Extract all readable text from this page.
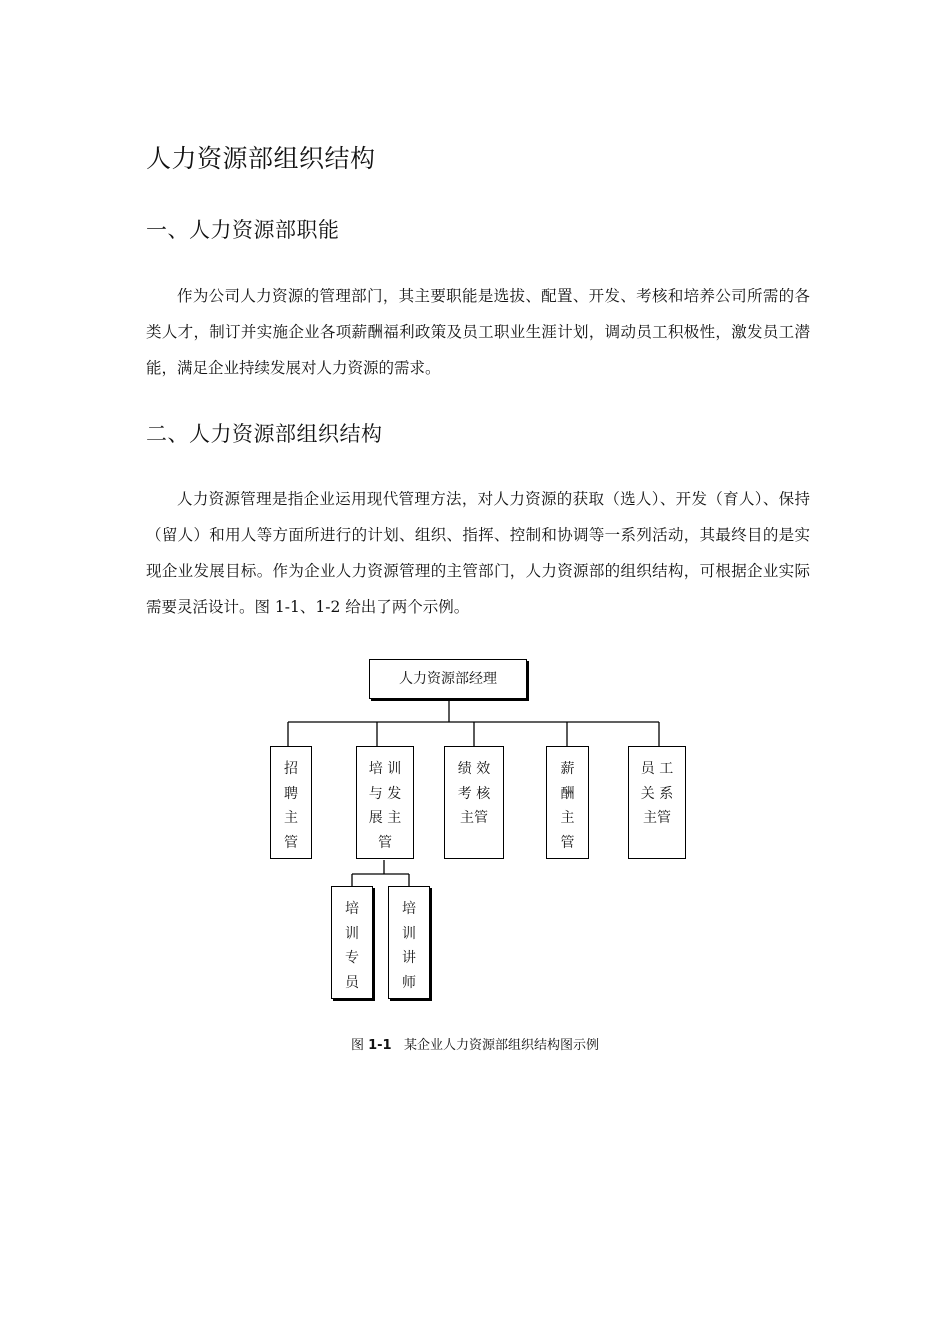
人力资源部组织结构
一、人力资源部职能

作为公司人力资源的管理部门，其主要职能是选拔、配置、开发、考核和培养公司所需的各类人才，制订并实施企业各项薪酬福利政策及员工职业生涯计划，调动员工积极性，激发员工潜能，满足企业持续发展对人力资源的需求。

二、人力资源部组织结构

人力资源管理是指企业运用现代管理方法，对人力资源的获取（选人）、开发（育人）、保持（留人）和用人等方面所进行的计划、组织、指挥、控制和协调等一系列活动，其最终目的是实现企业发展目标。作为企业人力资源管理的主管部门，人力资源部的组织结构，可根据企业实际需要灵活设计。图 1-1、1-2 给出了两个示例。

人力资源部经理
招
聘
主
管
培 训
与 发
展 主
管
绩 效
考 核
主管
薪
酬
主
管
员 工
关 系
主管
培
训
专
员
培
训
讲
师
图 1-1 某企业人力资源部组织结构图示例
